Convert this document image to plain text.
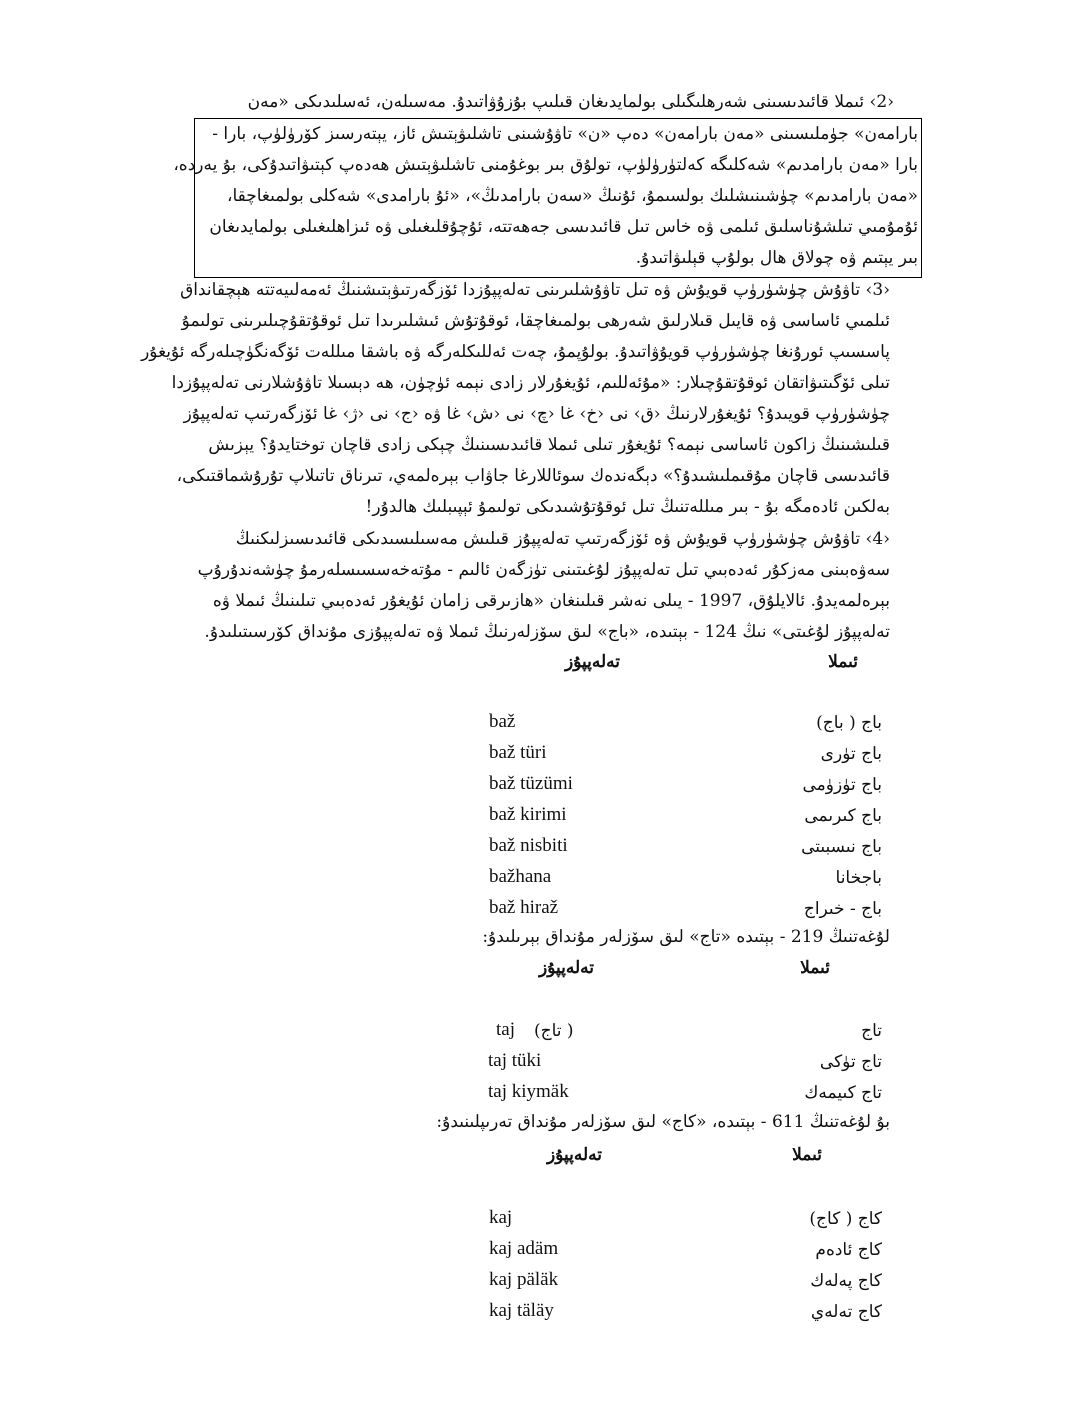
‹2› ئىملا قائىدىسىنى شەرھلىگىلى بولمايدىغان قىلىپ بۇزۇۋاتىدۇ. مەسىلەن، ئەسلىدىكى «مەن
بارامەن» جۈملىسىنى «مەن بارامەن» دەپ «ن» تاۋۇشىنى تاشلىۋېتىش ئاز، يېتەرسىز كۆرۈلۈپ، بارا -
بارا «مەن بارامدىم» شەكلىگە كەلتۈرۈلۈپ، تولۇق بىر بوغۇمنى تاشلىۋېتىش ھەدەپ كېتىۋاتىدۇكى، بۇ يەردە،
«مەن بارامدىم» چۈشىنىشلىك بولسىمۇ، ئۇنىڭ «سەن بارامدىڭ»، «ئۇ بارامدى» شەكلى بولمىغاچقا،
ئۇمۇمىي تىلشۇناسلىق ئىلمى ۋە خاس تىل قائىدىسى جەھەتتە، ئۇچۇقلىغىلى ۋە ئىزاھلىغىلى بولمايدىغان
بىر يېتىم ۋە چولاق ھال بولۇپ قېلىۋاتىدۇ.
‹3› تاۋۇش چۈشۈرۈپ قويۇش ۋە تىل تاۋۇشلىرىنى تەلەپپۇزدا ئۆزگەرتىۋېتىشنىڭ ئەمەلىيەتتە ھېچقانداق
ئىلمىي ئاساسى ۋە قايىل قىلارلىق شەرھى بولمىغاچقا، ئوقۇتۇش ئىشلىرىدا تىل ئوقۇتقۇچىلىرىنى تولىمۇ
پاسسىپ ئورۇنغا چۈشۈرۈپ قويۇۋاتىدۇ. بولۇپمۇ، چەت ئەللىكلەرگە ۋە باشقا مىللەت ئۆگەنگۈچىلەرگە ئۇيغۇر
تىلى ئۆگىتىۋاتقان ئوقۇتقۇچىلار: «مۇئەللىم، ئۇيغۇرلار زادى نېمە ئۈچۈن، ھە دېسىلا تاۋۇشلارنى تەلەپپۇزدا
چۈشۈرۈپ قويىدۇ؟ ئۇيغۇرلارنىڭ ‹ق› نى ‹خ› غا ‹چ› نى ‹ش› غا ۋە ‹ج› نى ‹ژ› غا ئۆزگەرتىپ تەلەپپۇز
قىلىشىنىڭ زاكون ئاساسى نېمە؟ ئۇيغۇر تىلى ئىملا قائىدىسىنىڭ چېكى زادى قاچان توختايدۇ؟ يېزىش
قائىدىسى قاچان مۇقىملىشىدۇ؟» دېگەندەك سوئاللارغا جاۋاب بېرەلمەي، تىرناق تاتىلاپ تۇرۇشماقتىكى،
بەلكىن ئادەمگە بۇ - بىر مىللەتنىڭ تىل ئوقۇتۇشىدىكى تولىمۇ ئېپىبلىك ھالدۇر!
‹4› تاۋۇش چۈشۈرۈپ قويۇش ۋە ئۆزگەرتىپ تەلەپپۇز قىلىش مەسىلىسىدىكى قائىدىسىزلىكنىڭ
سەۋەبىنى مەزكۇر ئەدەبىي تىل تەلەپپۇز لۇغىتىنى تۈزگەن ئالىم - مۇتەخەسسىسلەرمۇ چۈشەندۇرۇپ
بېرەلمەيدۇ. ئالايلۇق، 1997 - يىلى نەشر قىلىنغان «ھازىرقى زامان ئۇيغۇر ئەدەبىي تىلىنىڭ ئىملا ۋە
تەلەپپۇز لۇغىتى» نىڭ 124 - بېتىدە، «باج» لىق سۆزلەرنىڭ ئىملا ۋە تەلەپپۇزى مۇنداق كۆرسىتىلىدۇ.
ئىملا
تەلەپپۇز
باج ( باج)
baž
باج تۈرى
baž türi
باج تۈزۈمى
baž tüzümi
باج كىرىمى
baž kirimi
باج نىسبىتى
baž nisbiti
باجخانا
bažhana
باج - خىراج
baž hiraž
لۇغەتنىڭ 219 - بېتىدە «تاج» لىق سۆزلەر مۇنداق بېرىلىدۇ:
ئىملا
تەلەپپۇز
تاج
taj ( تاج)
تاج تۈكى
taj tüki
تاج كىيمەك
taj kiymäk
بۇ لۇغەتنىڭ 611 - بېتىدە، «كاج» لىق سۆزلەر مۇنداق تەرىپلىنىدۇ:
ئىملا
تەلەپپۇز
كاج ( كاج)
kaj
كاج ئادەم
kaj adäm
كاج پەلەك
kaj päläk
كاج تەلەي
kaj täläy
